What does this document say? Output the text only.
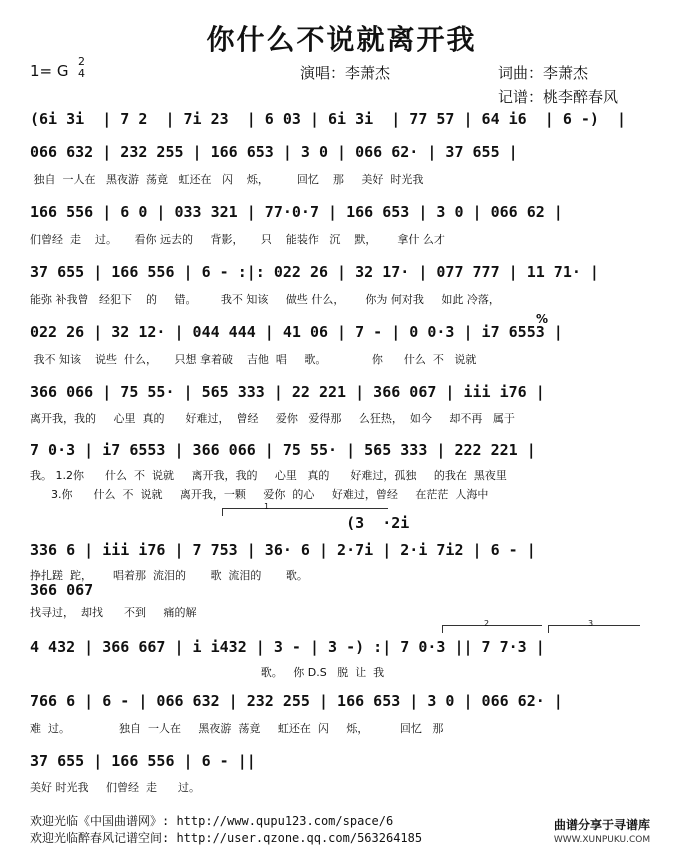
你什么不说就离开我
1= G
2
4	演唱：李萧杰	词曲：李萧杰
记谱：桃李醉春风
(6i 3i  | 7 2  | 7i 23  | 6 03 | 6i 3i  | 77 57 | 64 i6  | 6 -)  |
066 632 | 232 255 | 166 653 | 3 0 | 066 62· | 37 655 |
独自  一人在   黑夜游  荡竟   虹还在   闪    烁，        回忆    那     美好  时光我
166 556 | 6 0 | 033 321 | 77·0·7 | 166 653 | 3 0 | 066 62 |
们曾经  走    过。     看你 远去的     背影，     只    能装作   沉    默，      拿什 么才
37 655 | 166 556 | 6 - :|: 022 26 | 32 17· | 077 777 | 11 71· |
能弥 补我曾   经犯下    的     错。       我不 知该     做些 什么，      你为 何对我     如此 冷落，
%
022 26 | 32 12· | 044 444 | 41 06 | 7 - | 0 0·3 | i7 6553 |
我不 知该    说些  什么，     只想 拿着破    吉他  唱     歌。             你      什么  不   说就
366 066 | 75 55· | 565 333 | 22 221 | 366 067 | iii i76 |
离开我，我的     心里  真的      好难过，  曾经     爱你   爱得那     么狂热，  如今     却不再   属于
7 0·3 | i7 6553 | 366 066 | 75 55· | 565 333 | 222 221 |
我。 1.2你      什么  不  说就     离开我，我的     心里   真的      好难过，孤独     的我在  黑夜里
3.你      什么  不  说就     离开我，一颗     爱你  的心     好难过，曾经     在茫茫  人海中
1
(3  ·2i
336 6 | iii i76 | 7 753 | 36· 6 | 2·7i | 2·i 7i2 | 6 - |
挣扎蹉  跎，      唱着那  流泪的       歌  流泪的       歌。
366 067
找寻过，  却找      不到     痛的解
2	3
4 432 | 366 667 | i i432 | 3 - | 3 -) :| 7 0·3 || 7 7·3 |
歌。   你 D.S   脱  让  我
766 6 | 6 - | 066 632 | 232 255 | 166 653 | 3 0 | 066 62· |
难  过。              独自  一人在     黑夜游  荡竟     虹还在  闪     烁，         回忆   那
37 655 | 166 556 | 6 - ||
美好 时光我     们曾经  走      过。
欢迎光临《中国曲谱网》: http://www.qupu123.com/space/6
欢迎光临醉春风记谱空间: http://user.qzone.qq.com/563264185
曲谱分享于寻谱库
WWW.XUNPUKU.COM
